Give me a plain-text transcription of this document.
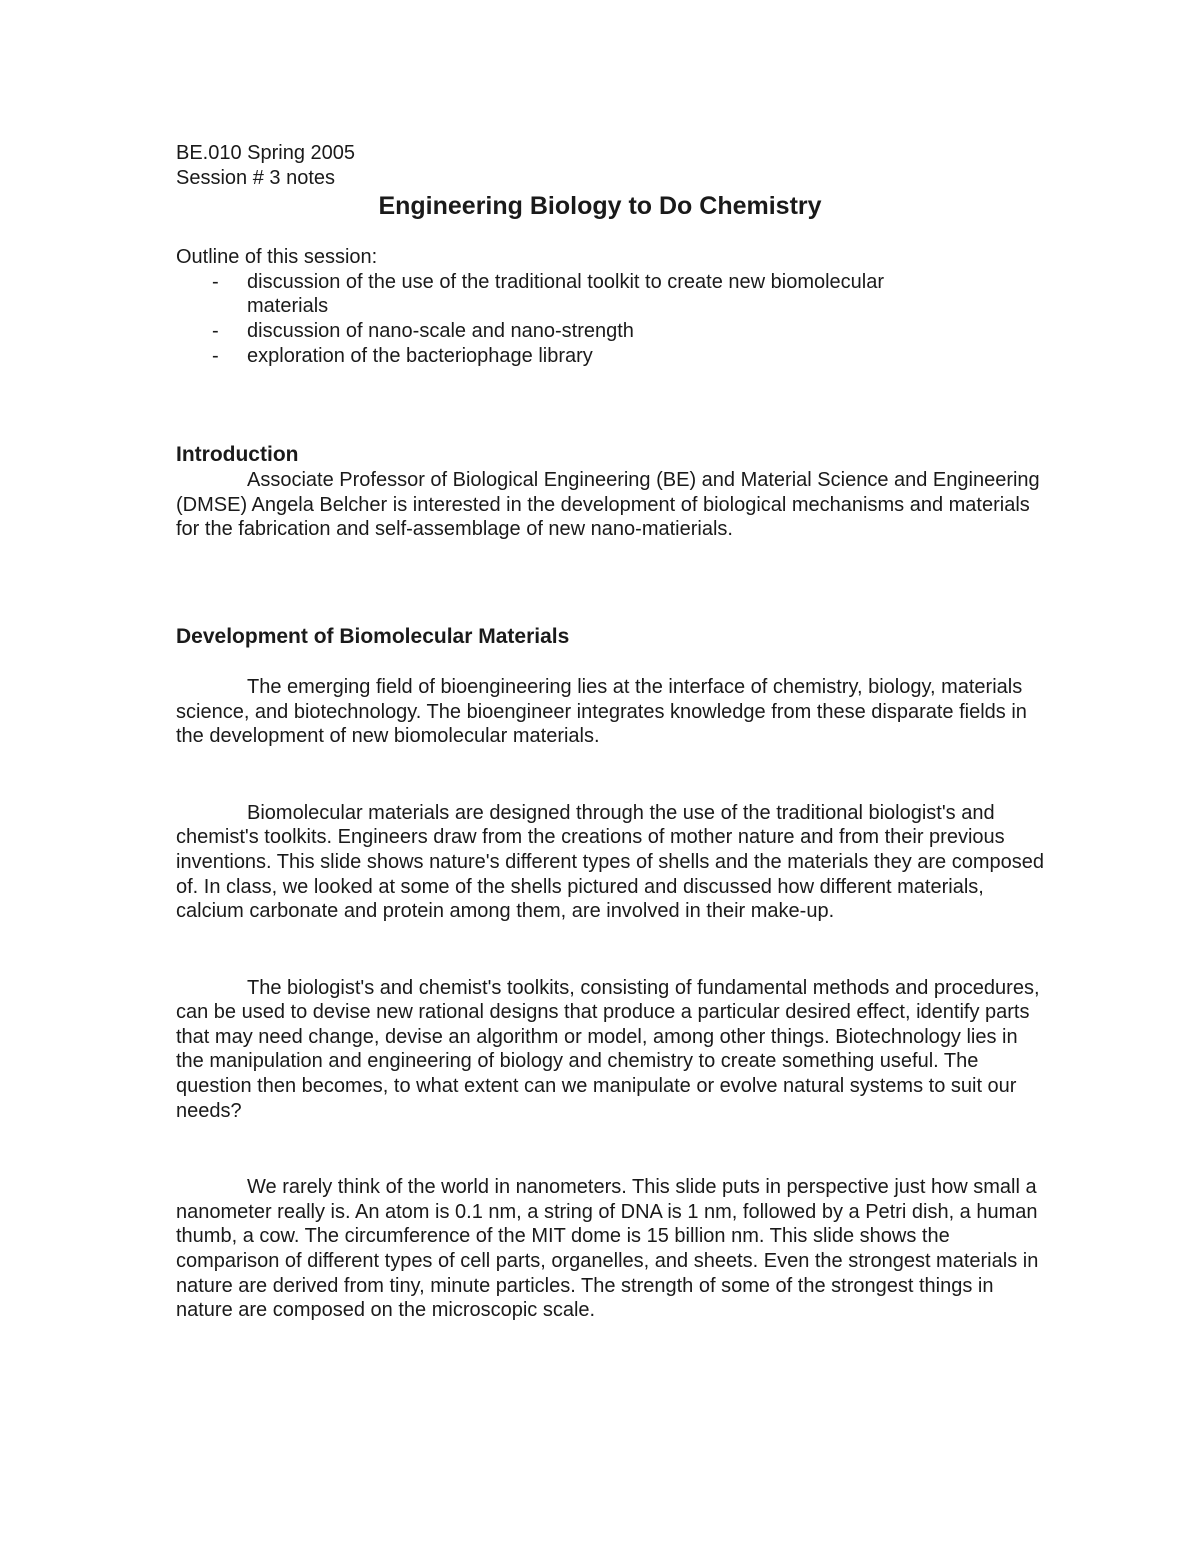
BE.010 Spring 2005

Session # 3 notes

Engineering Biology to Do Chemistry

Outline of this session:

- discussion of the use of the traditional toolkit to create new biomolecular materials
- discussion of nano-scale and nano-strength
- exploration of the bacteriophage library
Introduction

Associate Professor of Biological Engineering (BE) and Material Science and Engineering (DMSE) Angela Belcher is interested in the development of biological mechanisms and materials for the fabrication and self-assemblage of new nano-matierials.

Development of Biomolecular Materials

The emerging field of bioengineering lies at the interface of chemistry, biology, materials science, and biotechnology. The bioengineer integrates knowledge from these disparate fields in the development of new biomolecular materials.

Biomolecular materials are designed through the use of the traditional biologist's and chemist's toolkits. Engineers draw from the creations of mother nature and from their previous inventions. This slide shows nature's different types of shells and the materials they are composed of. In class, we looked at some of the shells pictured and discussed how different materials, calcium carbonate and protein among them, are involved in their make-up.

The biologist's and chemist's toolkits, consisting of fundamental methods and procedures, can be used to devise new rational designs that produce a particular desired effect, identify parts that may need change, devise an algorithm or model, among other things. Biotechnology lies in the manipulation and engineering of biology and chemistry to create something useful. The question then becomes, to what extent can we manipulate or evolve natural systems to suit our needs?

We rarely think of the world in nanometers. This slide puts in perspective just how small a nanometer really is. An atom is 0.1 nm, a string of DNA is 1 nm, followed by a Petri dish, a human thumb, a cow. The circumference of the MIT dome is 15 billion nm. This slide shows the comparison of different types of cell parts, organelles, and sheets. Even the strongest materials in nature are derived from tiny, minute particles. The strength of some of the strongest things in nature are composed on the microscopic scale.
